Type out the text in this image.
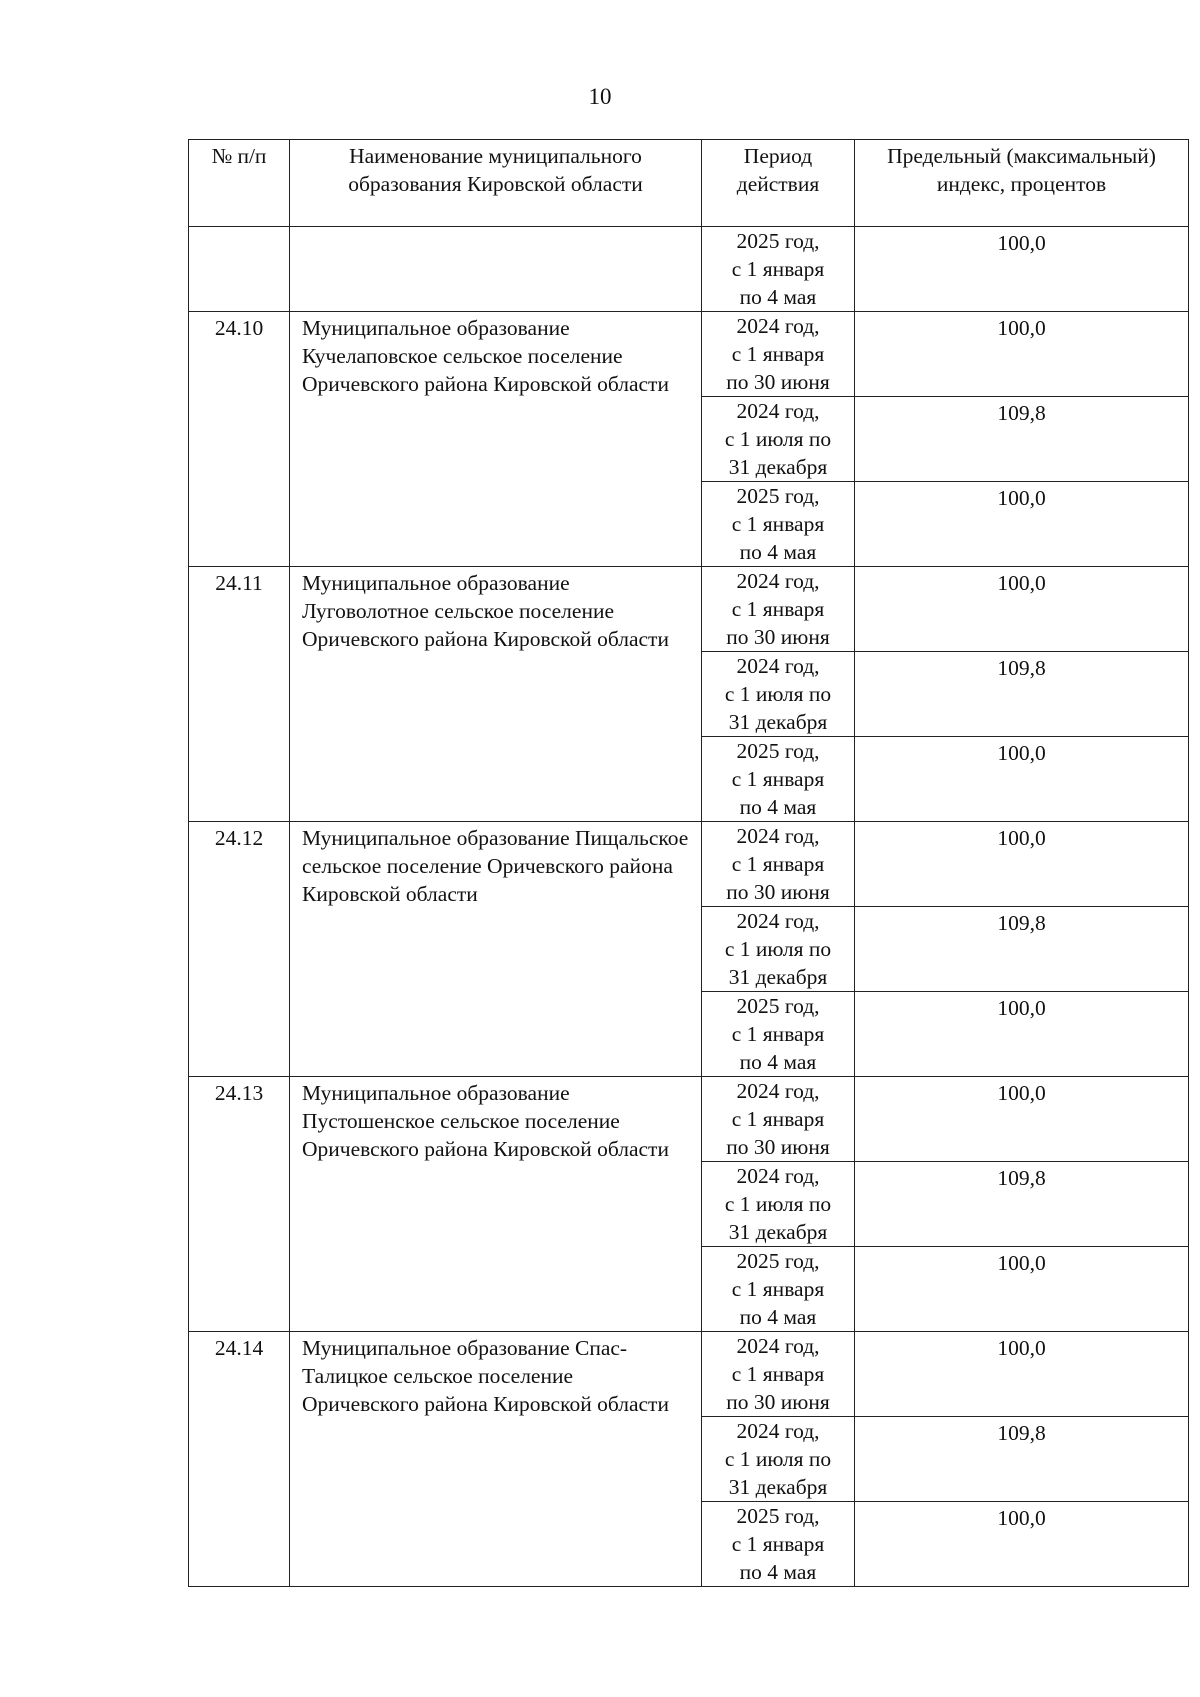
10
№ п/п	Наименование муниципального образования Кировской области	Период действия	Предельный (максимальный) индекс, процентов

		2025 год,
с 1 января
по 4 мая	100,0
24.10	Муниципальное образование Кучелаповское сельское поселение Оричевского района Кировской области	2024 год,
с 1 января
по 30 июня	100,0

		2024 год,
с 1 июля по
31 декабря	109,8

		2025 год,
с 1 января
по 4 мая	100,0
24.11	Муниципальное образование Луговолотное сельское поселение Оричевского района Кировской области	2024 год,
с 1 января
по 30 июня	100,0

		2024 год,
с 1 июля по
31 декабря	109,8

		2025 год,
с 1 января
по 4 мая	100,0
24.12	Муниципальное образование Пищальское сельское поселение Оричевского района Кировской области	2024 год,
с 1 января
по 30 июня	100,0

		2024 год,
с 1 июля по
31 декабря	109,8

		2025 год,
с 1 января
по 4 мая	100,0
24.13	Муниципальное образование Пустошенское сельское поселение Оричевского района Кировской области	2024 год,
с 1 января
по 30 июня	100,0

		2024 год,
с 1 июля по
31 декабря	109,8

		2025 год,
с 1 января
по 4 мая	100,0
24.14	Муниципальное образование Спас-Талицкое сельское поселение Оричевского района Кировской области	2024 год,
с 1 января
по 30 июня	100,0

		2024 год,
с 1 июля по
31 декабря	109,8

		2025 год,
с 1 января
по 4 мая	100,0
